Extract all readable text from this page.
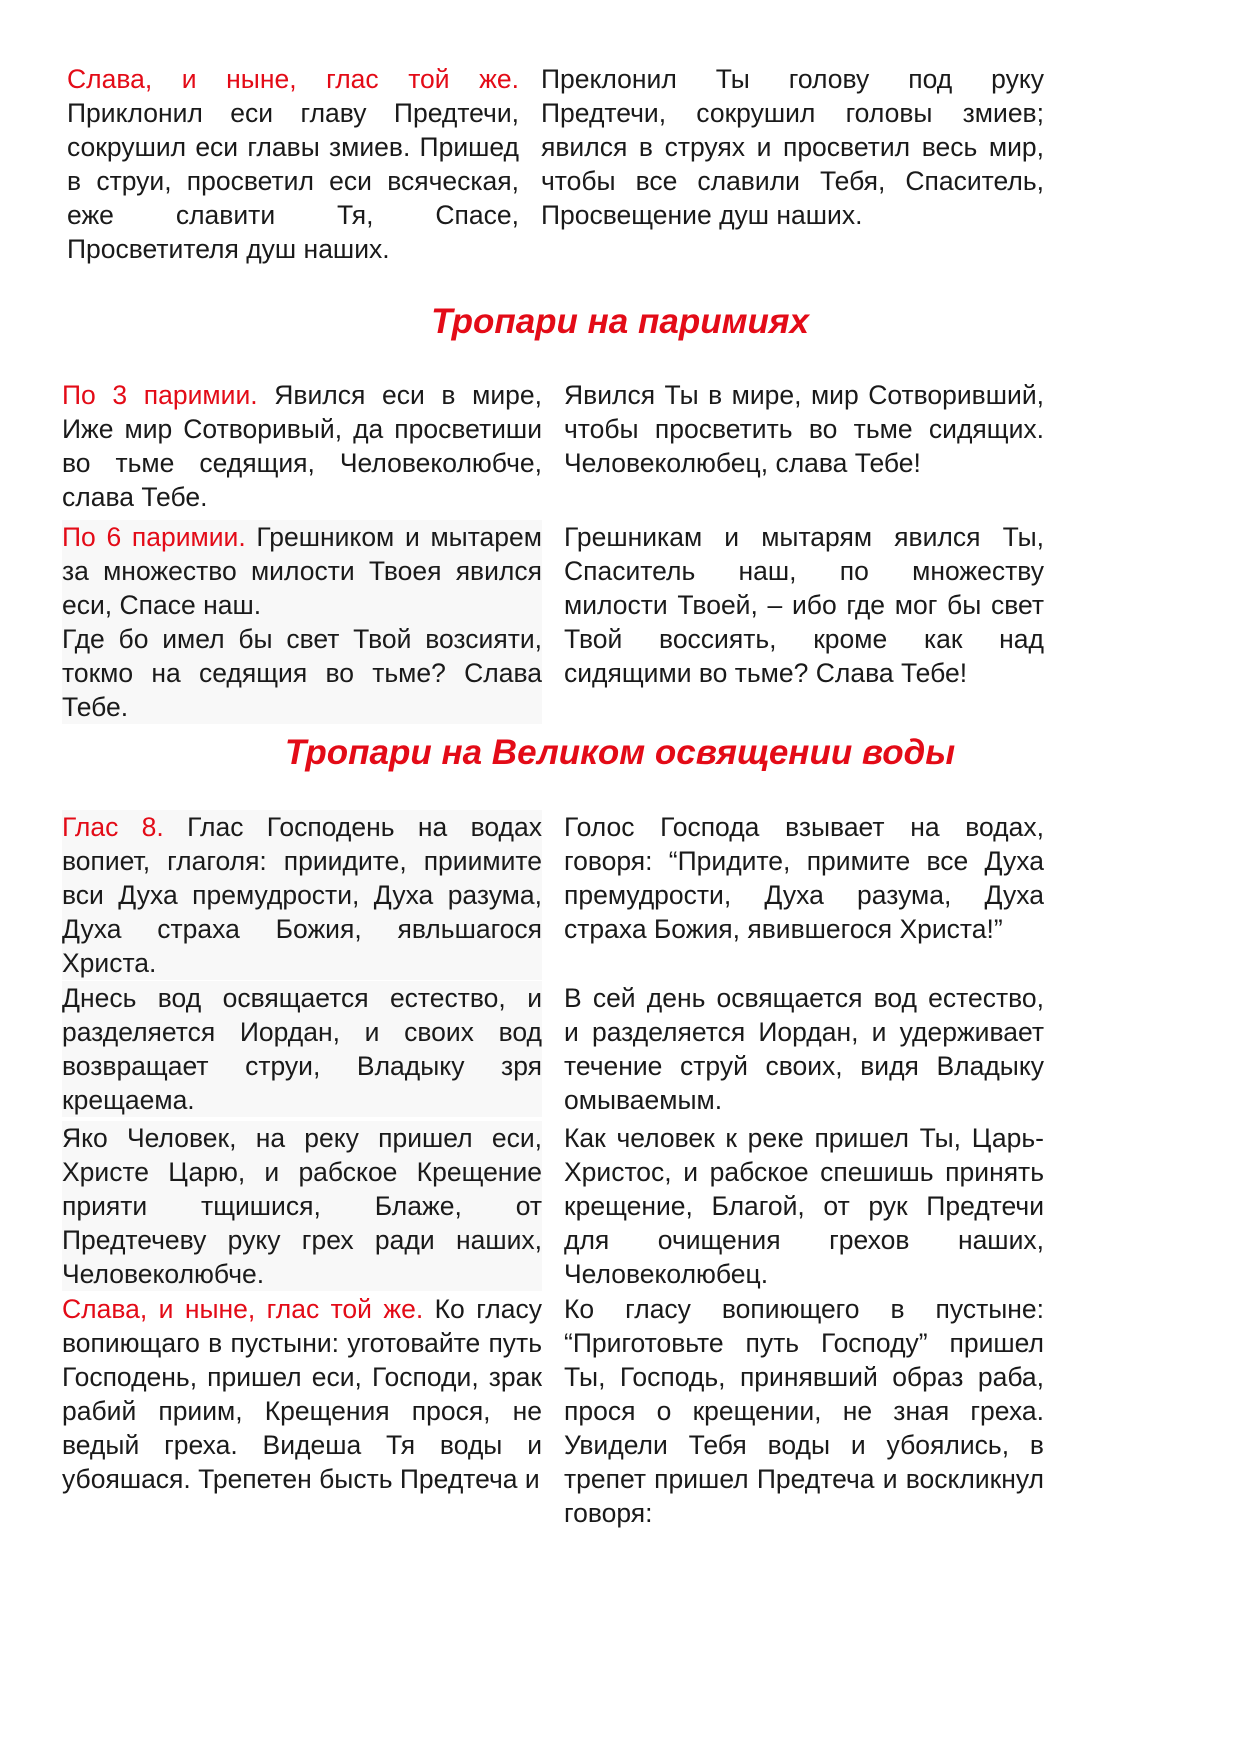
Слава, и ныне, глас той же. Приклонил еси главу Предтечи, сокрушил еси главы змиев. Пришед в струи, просветил еси всяческая, еже славити Тя, Спасе, Просветителя душ наших.

Преклонил Ты голову под руку Предтечи, сокрушил головы змиев; явился в струях и просветил весь мир, чтобы все славили Тебя, Спаситель, Просвещение душ наших.

Тропари на паримиях

По 3 паримии. Явился еси в мире, Иже мир Сотворивый, да просветиши во тьме седящия, Человеколюбче, слава Тебе.

Явился Ты в мире, мир Сотворивший, чтобы просветить во тьме сидящих. Человеколюбец, слава Тебе!

По 6 паримии. Грешником и мытарем за множество милости Твоея явился еси, Спасе наш.

Где бо имел бы свет Твой возсияти, токмо на седящия во тьме? Слава Тебе.

Грешникам и мытарям явился Ты, Спаситель наш, по множеству милости Твоей, – ибо где мог бы свет Твой воссиять, кроме как над сидящими во тьме? Слава Тебе!

Тропари на Великом освящении воды

Глас 8. Глас Господень на водах вопиет, глаголя: приидите, приимите вси Духа премудрости, Духа разума, Духа страха Божия, явльшагося Христа.

Голос Господа взывает на водах, говоря: “Придите, примите все Духа премудрости, Духа разума, Духа страха Божия, явившегося Христа!”

Днесь вод освящается естество, и разделяется Иордан, и своих вод возвращает струи, Владыку зря крещаема.

В сей день освящается вод естество, и разделяется Иордан, и удерживает течение струй своих, видя Владыку омываемым.

Яко Человек, на реку пришел еси, Христе Царю, и рабское Крещение прияти тщишися, Блаже, от Предтечеву руку грех ради наших, Человеколюбче.

Как человек к реке пришел Ты, Царь-Христос, и рабское спешишь принять крещение, Благой, от рук Предтечи для очищения грехов наших, Человеколюбец.

Слава, и ныне, глас той же. Ко гласу вопиющаго в пустыни: уготовайте путь Господень, пришел еси, Господи, зрак рабий приим, Крещения прося, не ведый греха. Видеша Тя воды и убояшася. Трепетен бысть Предтеча и

Ко гласу вопиющего в пустыне: “Приготовьте путь Господу” пришел Ты, Господь, принявший образ раба, прося о крещении, не зная греха. Увидели Тебя воды и убоялись, в трепет пришел Предтеча и воскликнул говоря:
